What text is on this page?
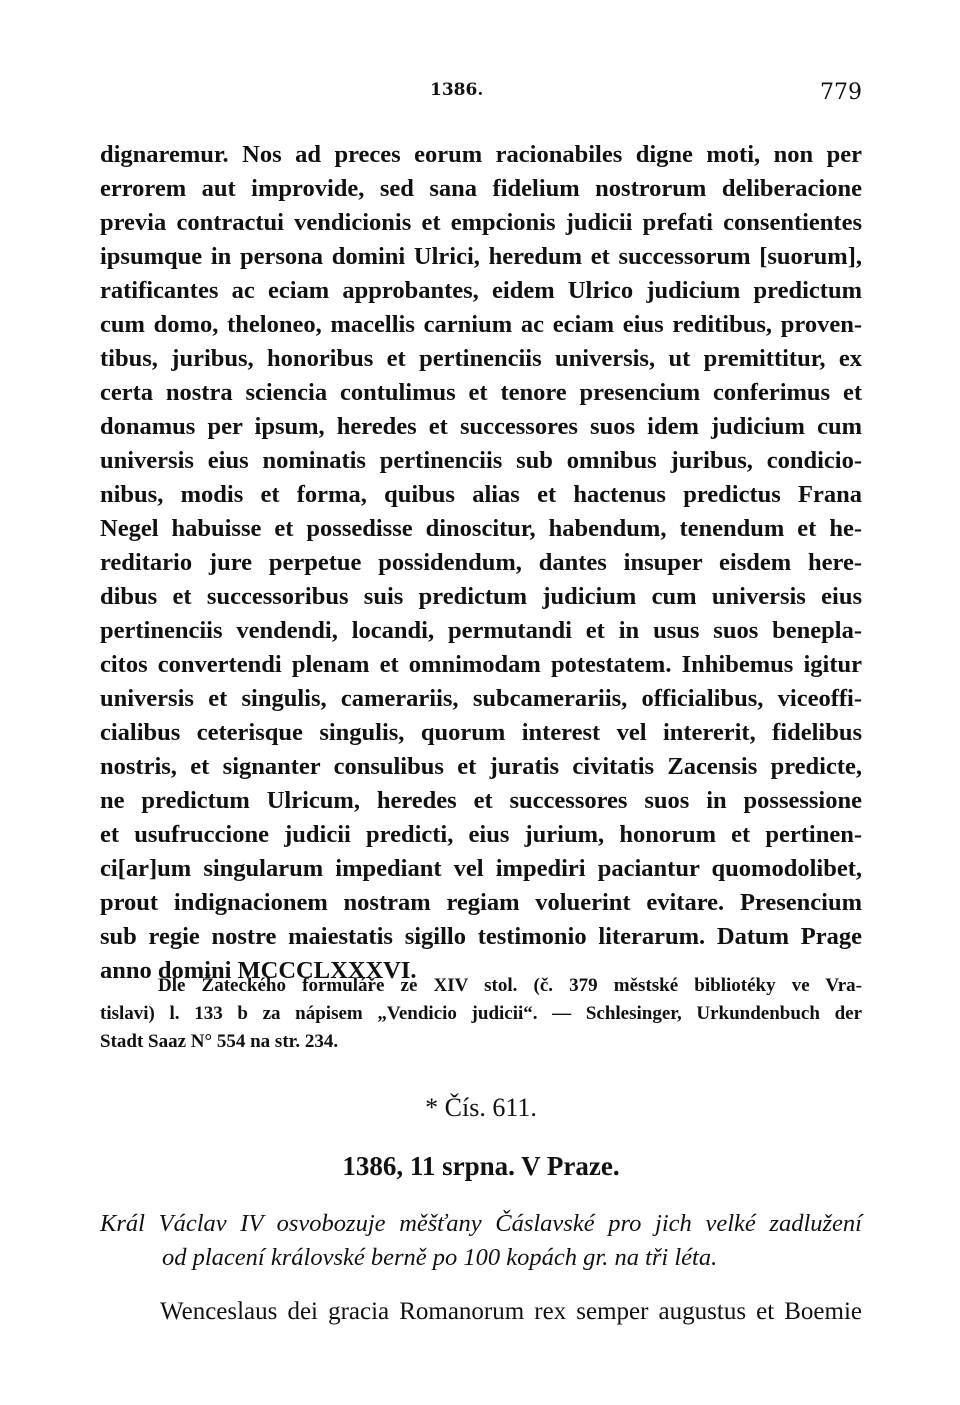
1386.	779
dignaremur. Nos ad preces eorum racionabiles digne moti, non per
errorem aut improvide, sed sana fidelium nostrorum deliberacione
previa contractui vendicionis et empcionis judicii prefati consentientes
ipsumque in persona domini Ulrici, heredum et successorum [suorum],
ratificantes ac eciam approbantes, eidem Ulrico judicium predictum
cum domo, theloneo, macellis carnium ac eciam eius reditibus, proven-
tibus, juribus, honoribus et pertinenciis universis, ut premittitur, ex
certa nostra sciencia contulimus et tenore presencium conferimus et
donamus per ipsum, heredes et successores suos idem judicium cum
universis eius nominatis pertinenciis sub omnibus juribus, condicio-
nibus, modis et forma, quibus alias et hactenus predictus Frana
Negel habuisse et possedisse dinoscitur, habendum, tenendum et he-
reditario jure perpetue possidendum, dantes insuper eisdem here-
dibus et successoribus suis predictum judicium cum universis eius
pertinenciis vendendi, locandi, permutandi et in usus suos benepla-
citos convertendi plenam et omnimodam potestatem. Inhibemus igitur
universis et singulis, camerariis, subcamerariis, officialibus, viceoffi-
cialibus ceterisque singulis, quorum interest vel intererit, fidelibus
nostris, et signanter consulibus et juratis civitatis Zacensis predicte,
ne predictum Ulricum, heredes et successores suos in possessione
et usufruccione judicii predicti, eius jurium, honorum et pertinen-
ci[ar]um singularum impediant vel impediri paciantur quomodolibet,
prout indignacionem nostram regiam voluerint evitare. Presencium
sub regie nostre maiestatis sigillo testimonio literarum. Datum Prage
anno domini MCCCLXXXVI.
Dle Žateckého formuláře ze XIV stol. (č. 379 městské bibliotéky ve Vra-
tislavi) l. 133 b za nápisem „Vendicio judicii“. — Schlesinger, Urkundenbuch der
Stadt Saaz N° 554 na str. 234.
* Čís. 611.
1386, 11 srpna. V Praze.
Král Václav IV osvobozuje měšťany Čáslavské pro jich velké zadlužení
od placení královské berně po 100 kopách gr. na tři léta.
Wenceslaus dei gracia Romanorum rex semper augustus et Boemie
